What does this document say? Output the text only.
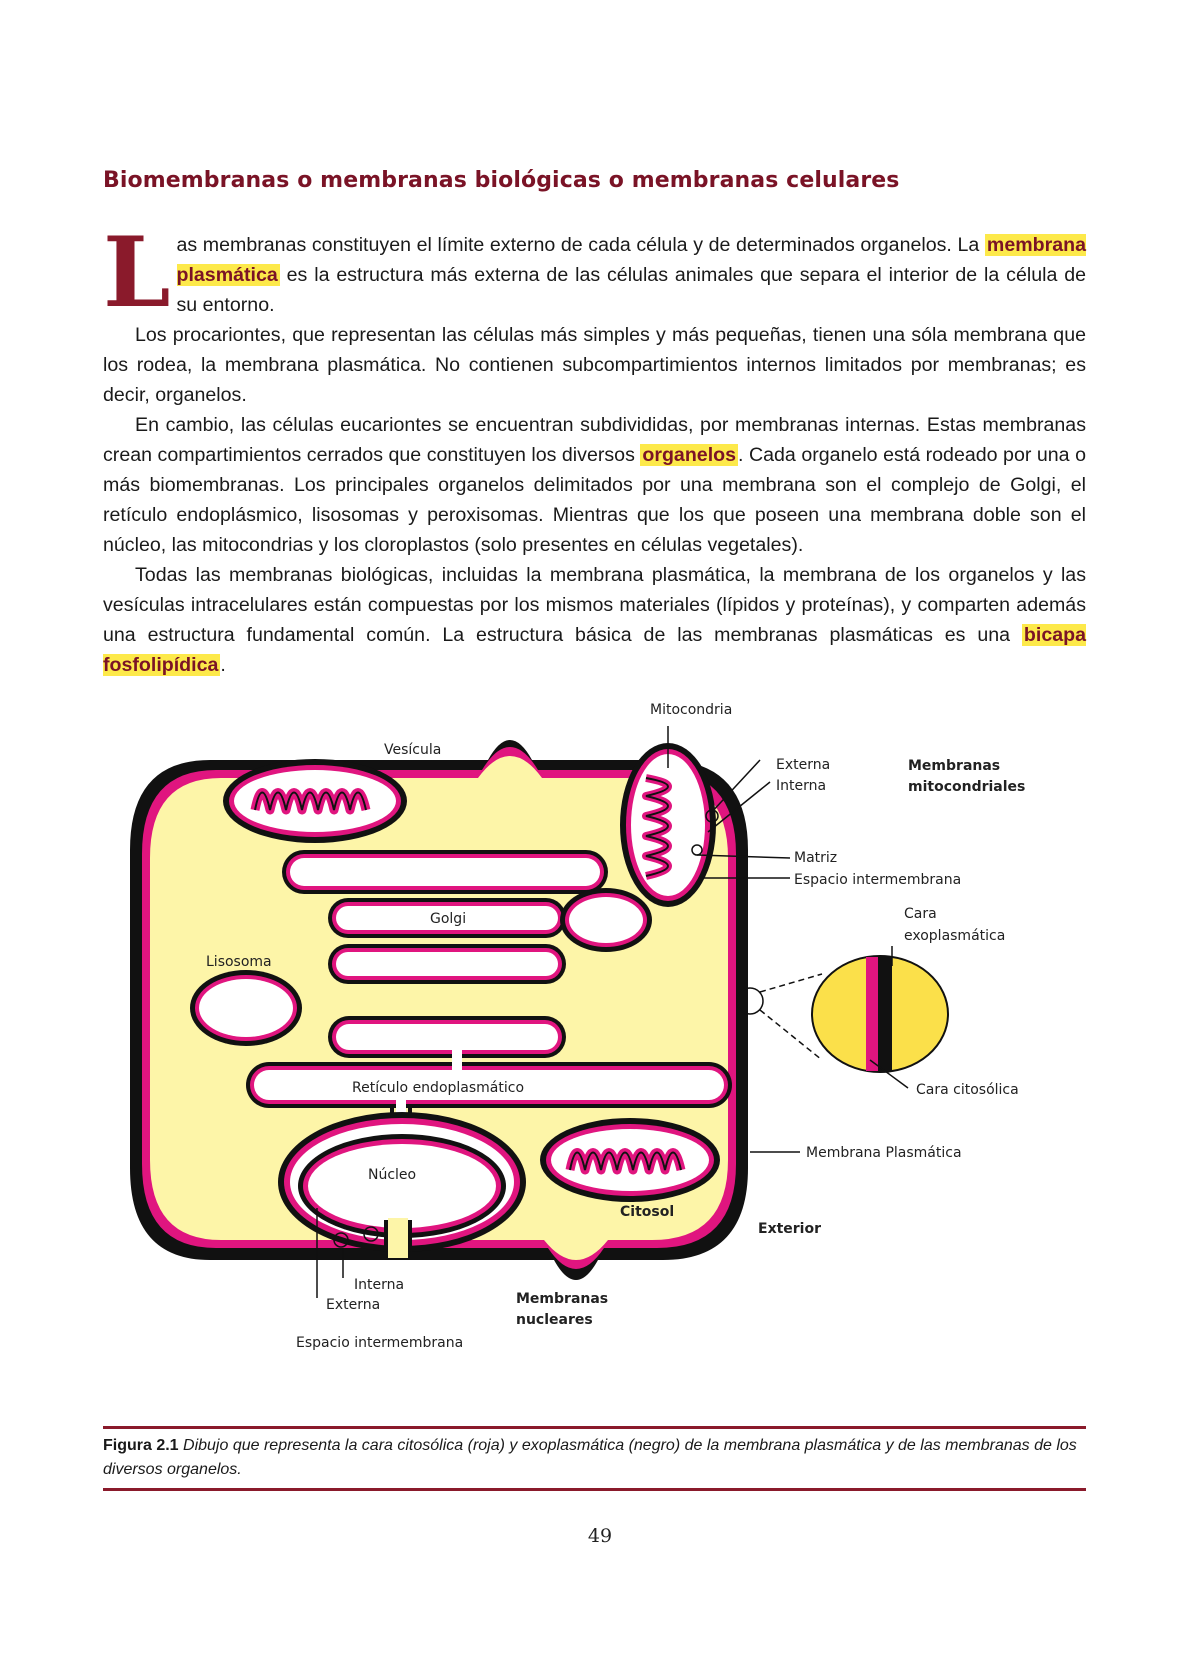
Biomembranas o membranas biológicas o membranas celulares

Las membranas constituyen el límite externo de cada célula y de determinados organelos. La membrana plasmática es la estructura más externa de las células animales que separa el interior de la célula de su entorno.

Los procariontes, que representan las células más simples y más pequeñas, tienen una sóla membrana que los rodea, la membrana plasmática. No contienen subcompartimientos internos limitados por membranas; es decir, organelos.

En cambio, las células eucariontes se encuentran subdivididas, por membranas internas. Estas membranas crean compartimientos cerrados que constituyen los diversos organelos . Cada organelo está rodeado por una o más biomembranas. Los principales organelos delimitados por una membrana son el complejo de Golgi, el retículo endoplásmico, lisosomas y peroxisomas. Mientras que los que poseen una membrana doble son el núcleo, las mitocondrias y los cloroplastos (solo presentes en células vegetales).

Todas las membranas biológicas, incluidas la membrana plasmática, la membrana de los organelos y las vesículas intracelulares están compuestas por los mismos materiales (lípidos y proteínas), y comparten además una estructura fundamental común. La estructura básica de las membranas plasmáticas es una bicapa fosfolipídica .

Mitocondria
Vesícula
Externa
Interna
Membranas
mitocondriales
Matriz
Espacio intermembrana
Golgi	Cara
exoplasmática
Lisosoma
Retículo endoplasmático	Cara citosólica
Membrana Plasmática
Núcleo
Citosol
Exterior
Interna
Externa	Membranas
nucleares
Espacio intermembrana
Figura 2.1 Dibujo que representa la cara citosólica (roja) y exoplasmática (negro) de la membrana plasmática y de las membranas de los diversos organelos.
49
